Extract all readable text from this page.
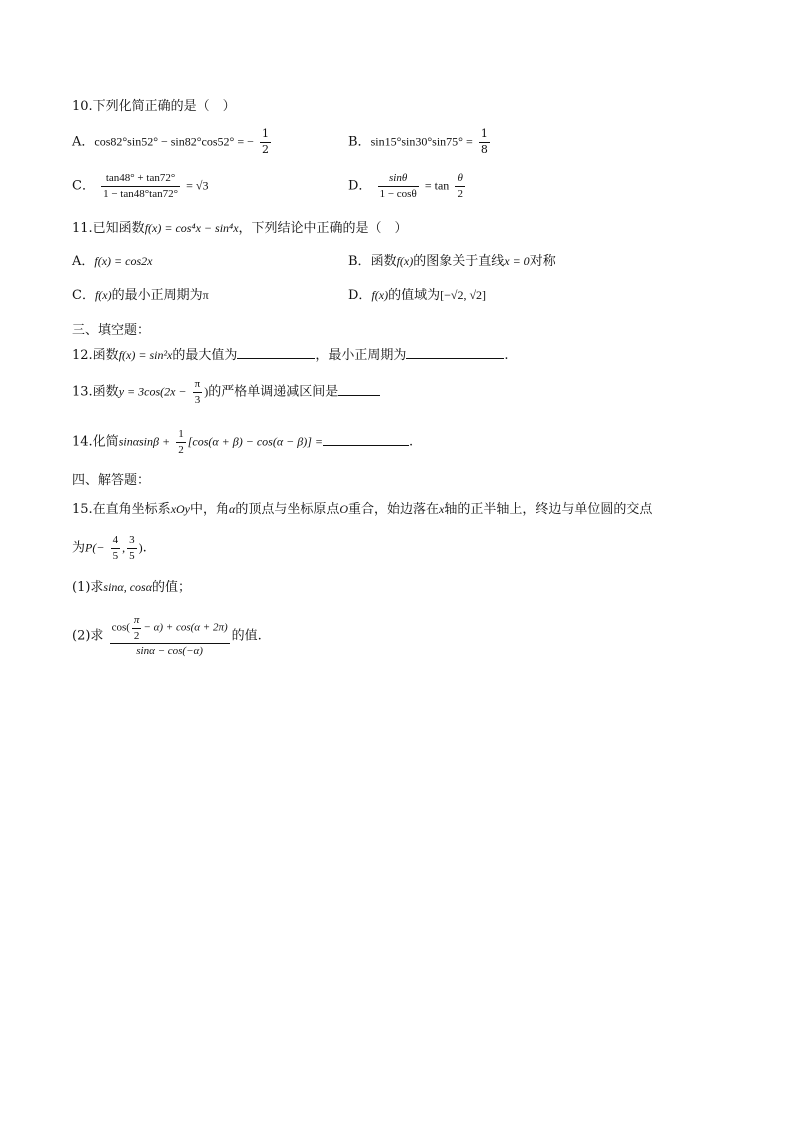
10.下列化简正确的是（　）
A．cos82°sin52° − sin82°cos52° = − $\frac{1}{2}$	B．$\sin 15^\circ\sin 30^\circ\sin 75^\circ = \frac{1}{8}$
C． $\frac{\tan 48^\circ + \tan 72^\circ}{1 - \tan 48^\circ\tan 72^\circ} = √3$	D． $\frac{\sin\theta}{1 - \cos\theta} = \tan \frac{\theta}{2}$
11.已知函数f(x) = cos⁴x − sin⁴x，下列结论中正确的是（　）
A．f(x) = cos2x	B．函数f(x)的图象关于直线x = 0对称
C．f(x)的最小正周期为π	D．f(x)的值域为[−√2, √2]
三、填空题：
12.函数f(x) = sin²x的最大值为	，最小正周期为	.
13.函数$y = 3\cos(2x - \frac{\pi}{3}$ )的严格单调递减区间是
14.化简$\sin\alpha\sin\beta + \frac{1}{2} [\cos(\alpha + \beta) - \cos(\alpha - \beta)]$ =	.
四、解答题：
15.在直角坐标系xOy中，角α的顶点与坐标原点O重合，始边落在x轴的正半轴上，终边与单位圆的交点
为$P(- \frac{4}{5}$ , $\frac{3}{5}$ ).
(1)求sinα, cosα的值；
(2)求 $\frac{\cos( \frac{\pi}{2} - \alpha) + \cos(\alpha + 2\pi)}{\sin\alpha - \cos(-\alpha)}$ 的值.
